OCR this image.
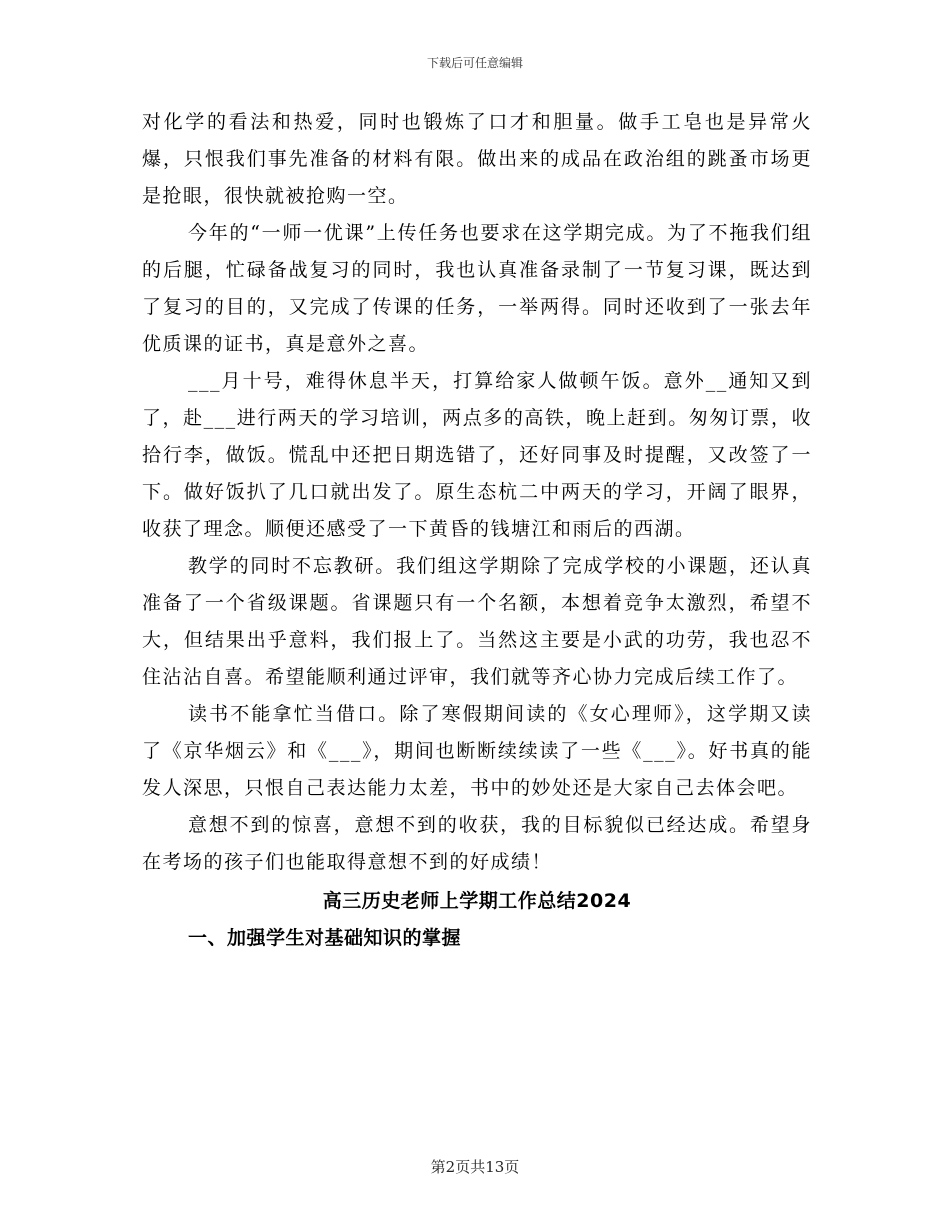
下载后可任意编辑

对化学的看法和热爱，同时也锻炼了口才和胆量。做手工皂也是异常火爆，只恨我们事先准备的材料有限。做出来的成品在政治组的跳蚤市场更是抢眼，很快就被抢购一空。

今年的“一师一优课”上传任务也要求在这学期完成。为了不拖我们组的后腿，忙碌备战复习的同时，我也认真准备录制了一节复习课，既达到了复习的目的，又完成了传课的任务，一举两得。同时还收到了一张去年优质课的证书，真是意外之喜。

___月十号，难得休息半天，打算给家人做顿午饭。意外__通知又到了，赴___进行两天的学习培训，两点多的高铁，晚上赶到。匆匆订票，收拾行李，做饭。慌乱中还把日期选错了，还好同事及时提醒，又改签了一下。做好饭扒了几口就出发了。原生态杭二中两天的学习，开阔了眼界，收获了理念。顺便还感受了一下黄昏的钱塘江和雨后的西湖。

教学的同时不忘教研。我们组这学期除了完成学校的小课题，还认真准备了一个省级课题。省课题只有一个名额，本想着竞争太激烈，希望不大，但结果出乎意料，我们报上了。当然这主要是小武的功劳，我也忍不住沾沾自喜。希望能顺利通过评审，我们就等齐心协力完成后续工作了。

读书不能拿忙当借口。除了寒假期间读的《女心理师》，这学期又读了《京华烟云》和《___》，期间也断断续续读了一些《___》。好书真的能发人深思，只恨自己表达能力太差，书中的妙处还是大家自己去体会吧。

意想不到的惊喜，意想不到的收获，我的目标貌似已经达成。希望身在考场的孩子们也能取得意想不到的好成绩！

高三历史老师上学期工作总结2024
一、加强学生对基础知识的掌握
第2页共13页
